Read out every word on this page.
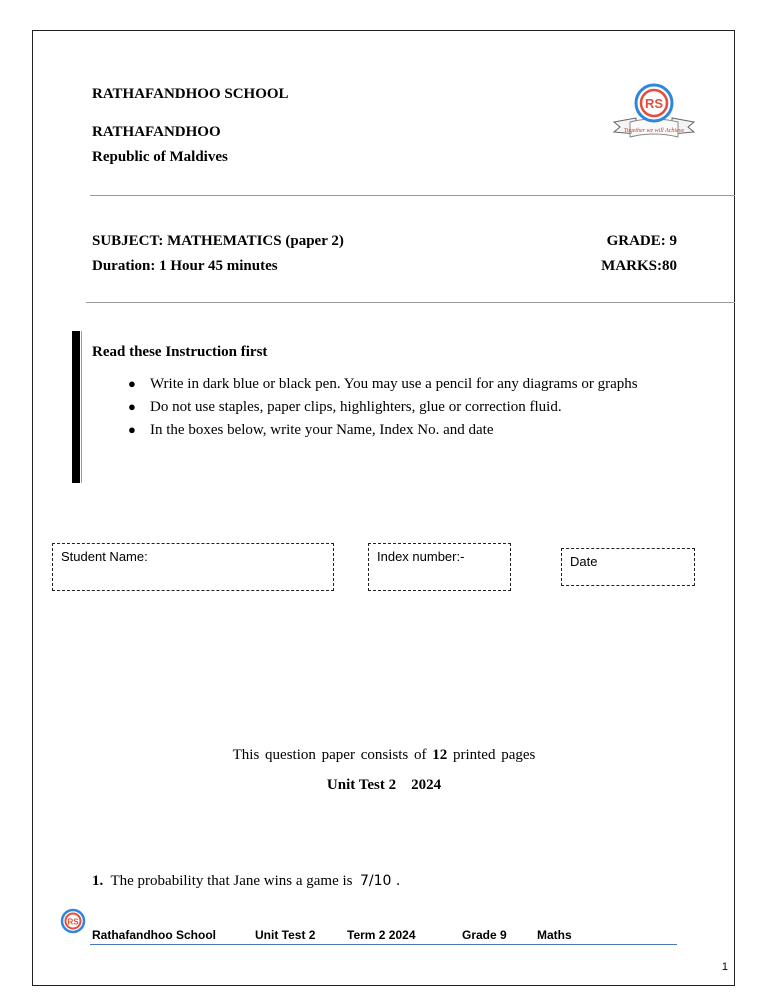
RATHAFANDHOO SCHOOL
RATHAFANDHOO
Republic of Maldives
Together we will Achieve
RS
SUBJECT: MATHEMATICS (paper 2)	GRADE: 9
Duration: 1 Hour 45 minutes	MARKS:80
Read these Instruction first
● Write in dark blue or black pen. You may use a pencil for any diagrams or graphs
● Do not use staples, paper clips, highlighters, glue or correction fluid.
● In the boxes below, write your Name, Index No. and date
Student Name:	Index number:-	Date
This question paper consists of 12 printed pages
Unit Test 2 2024
1. The probability that Jane wins a game is 7/10 .
RS
Rathafandhoo School	Unit Test 2	Term 2 2024	Grade 9	Maths
1
